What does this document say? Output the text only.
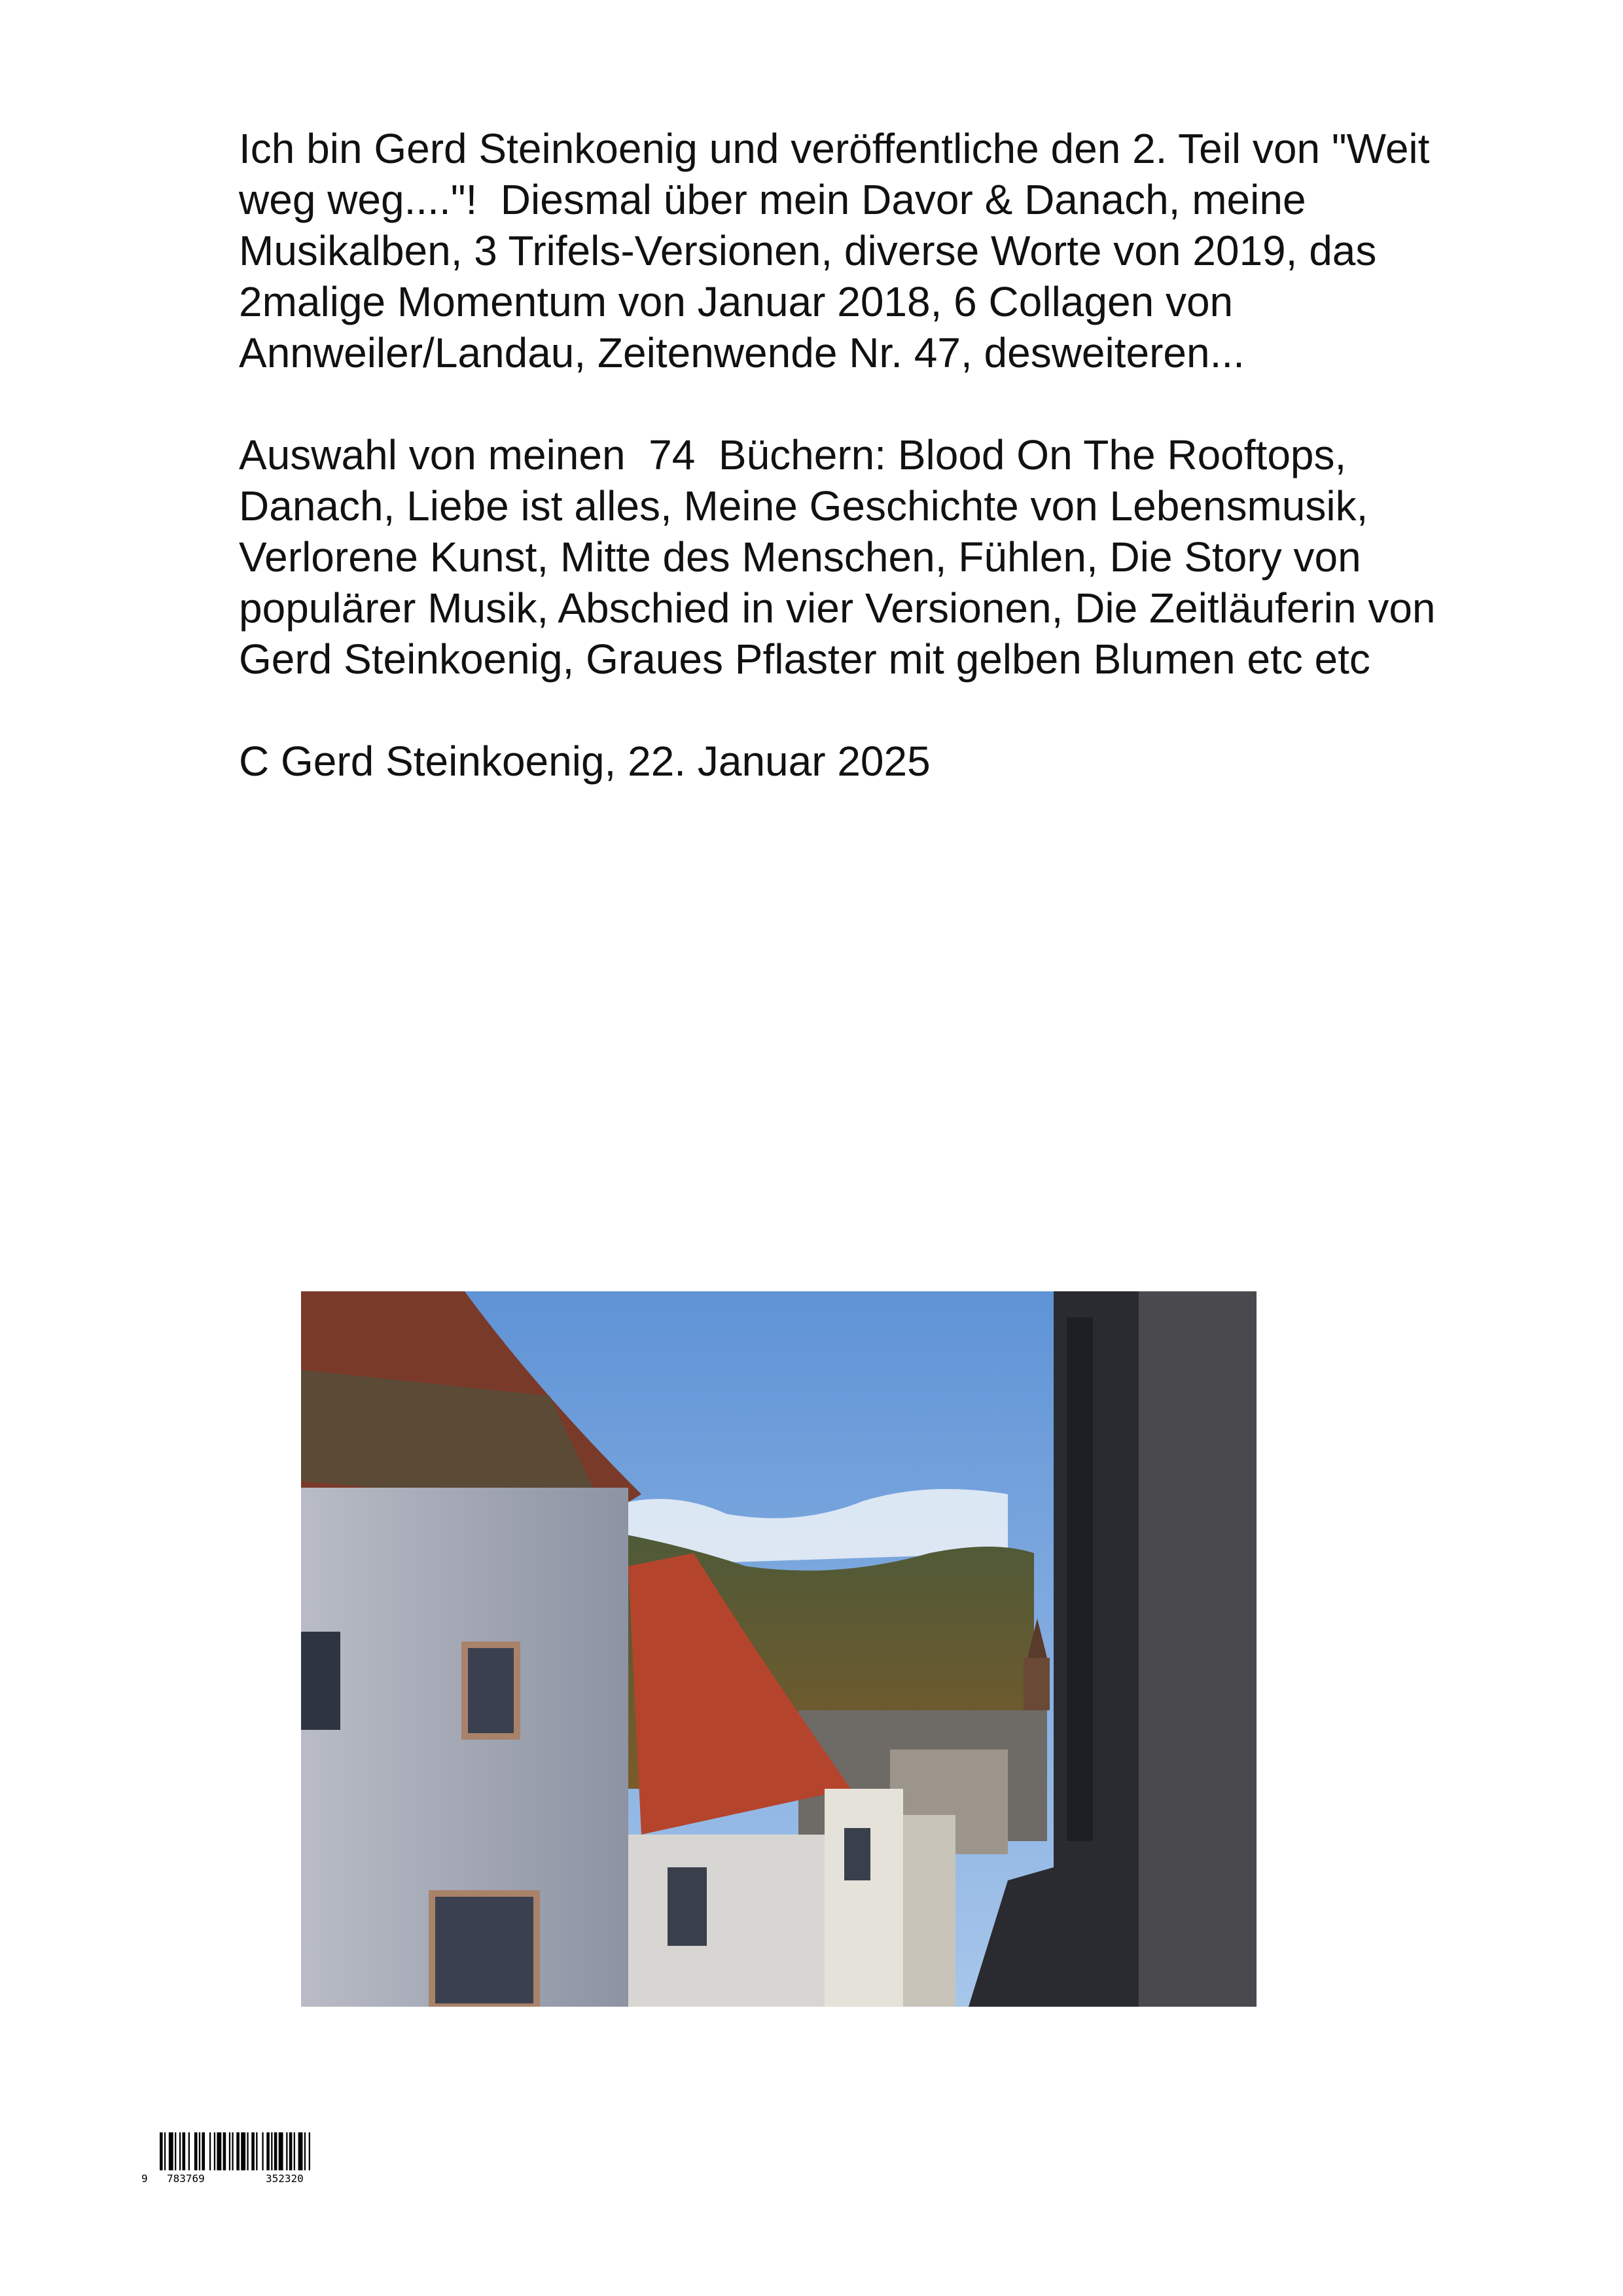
Ich bin Gerd Steinkoenig und veröffentliche den 2. Teil von "Weit weg weg...."!  Diesmal über mein Davor & Danach, meine Musikalben, 3 Trifels-Versionen, diverse Worte von 2019, das 2malige Momentum von Januar 2018, 6 Collagen von Annweiler/Landau, Zeitenwende Nr. 47, desweiteren...

Auswahl von meinen  74  Büchern: Blood On The Rooftops, Danach, Liebe ist alles, Meine Geschichte von Lebensmusik, Verlorene Kunst, Mitte des Menschen, Fühlen, Die Story von populärer Musik, Abschied in vier Versionen, Die Zeitläuferin von Gerd Steinkoenig, Graues Pflaster mit gelben Blumen etc etc

C Gerd Steinkoenig, 22. Januar 2025

9 783769	352320
